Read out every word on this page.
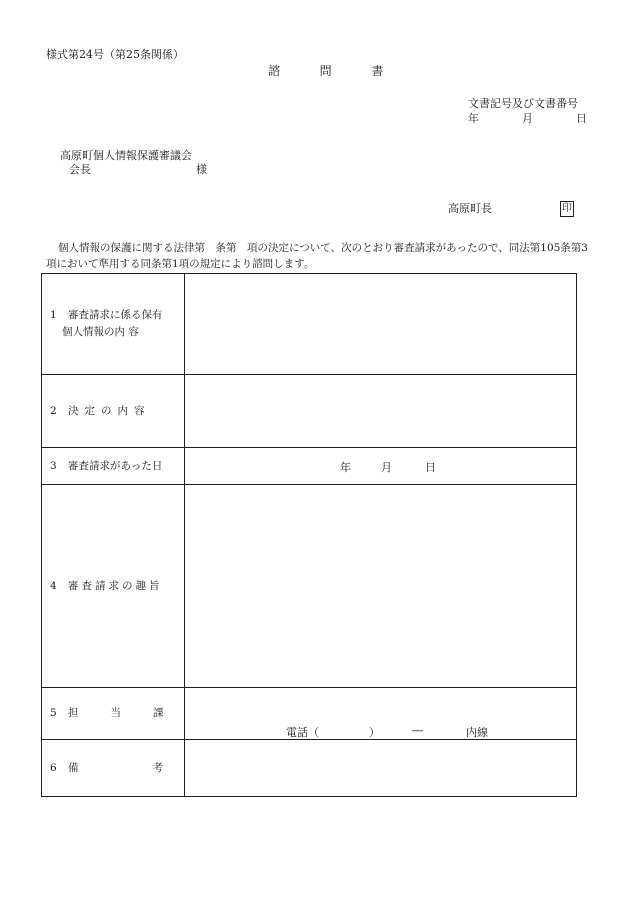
様式第24号（第25条関係）
諮	問	書
文書記号及び文書番号
年	月	日
高原町個人情報保護審議会
会長	様
高原町長	印
個人情報の保護に関する法律第　条第　項の決定について、次のとおり審査請求があったので、同法第105条第3
項において準用する同条第1項の規定により諮問します。
1 審査請求に係る保有
個人情報の内 容	
2 決定の内容	
3 審査請求があった日	年 月 日

4 審査請求の趣旨	
5 担 当 課	電話（ ） ― 内線

6 備 考	
